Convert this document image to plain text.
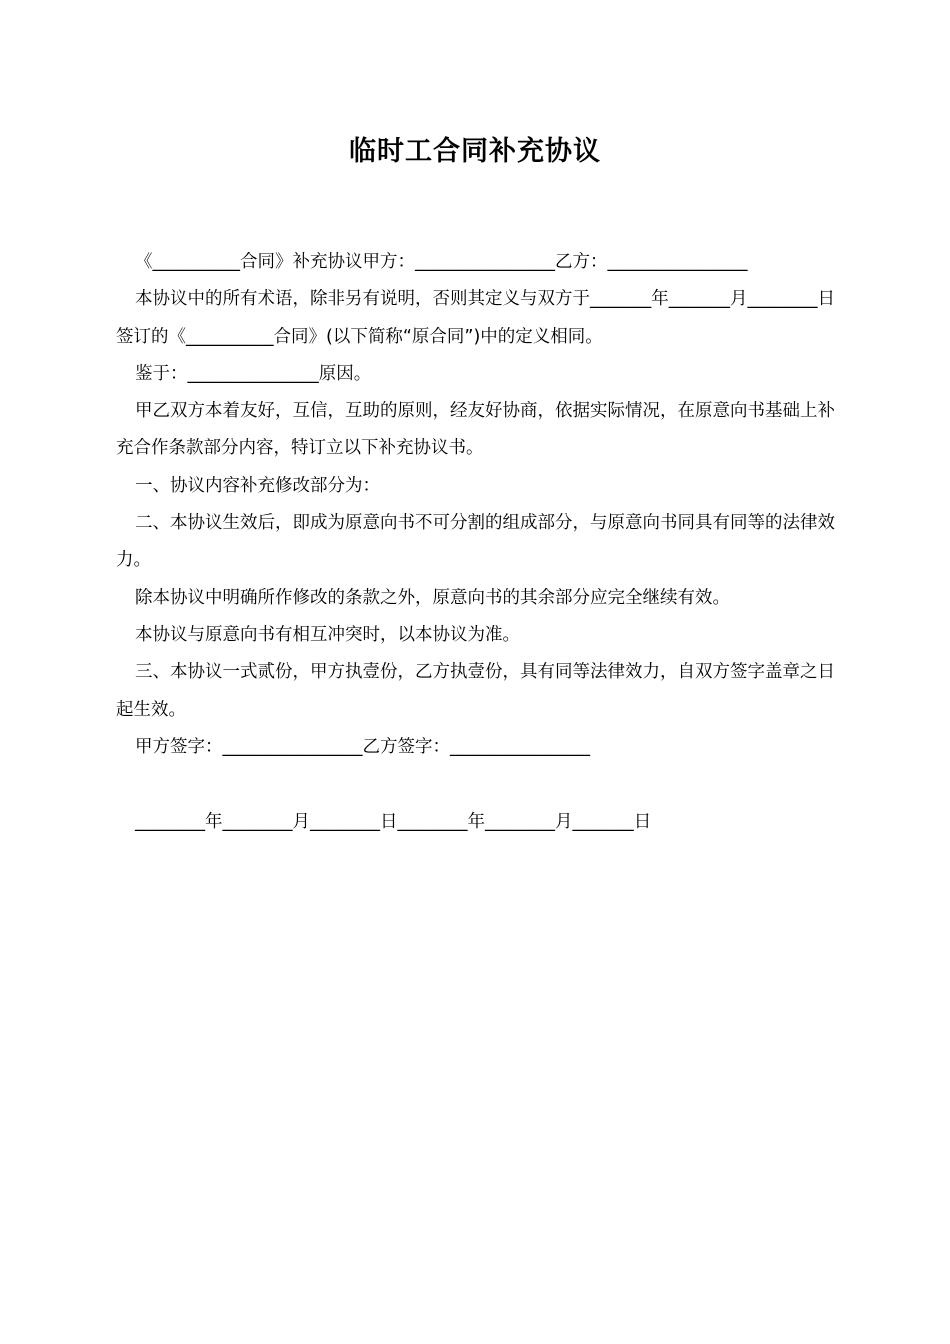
临时工合同补充协议

《__________合同》补充协议甲方：________________乙方：________________

本协议中的所有术语，除非另有说明，否则其定义与双方于_______年_______月________日签订的《__________合同》(以下简称“原合同”)中的定义相同。

鉴于：_______________原因。

甲乙双方本着友好，互信，互助的原则，经友好协商，依据实际情况，在原意向书基础上补充合作条款部分内容，特订立以下补充协议书。

一、协议内容补充修改部分为：

二、本协议生效后，即成为原意向书不可分割的组成部分，与原意向书同具有同等的法律效力。

除本协议中明确所作修改的条款之外，原意向书的其余部分应完全继续有效。

本协议与原意向书有相互冲突时，以本协议为准。

三、本协议一式贰份，甲方执壹份，乙方执壹份，具有同等法律效力，自双方签字盖章之日起生效。

甲方签字：________________乙方签字：________________

________年________月________日________年________月_______日
